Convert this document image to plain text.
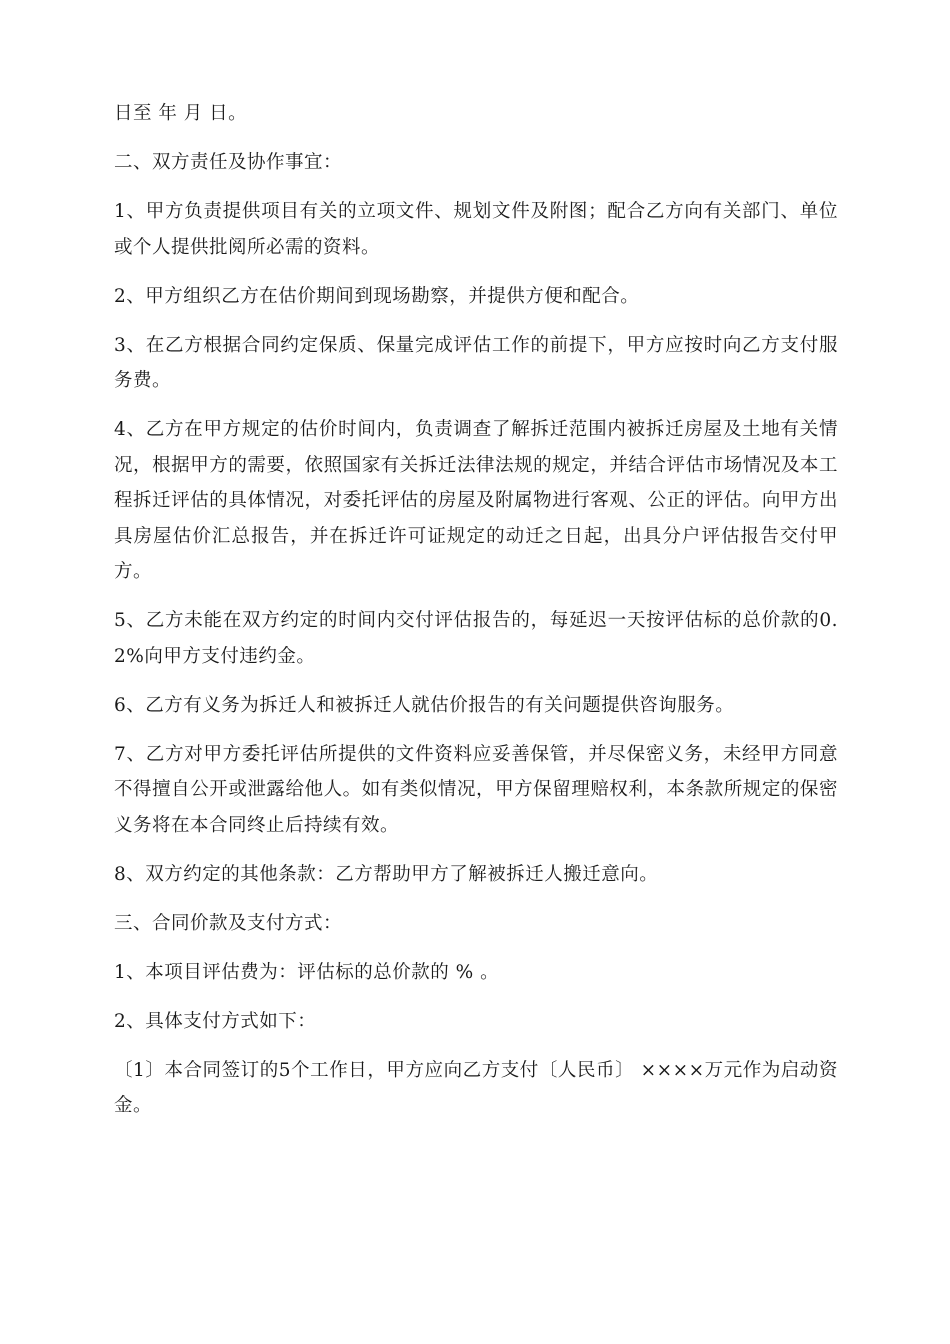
日至 年 月 日。

二、双方责任及协作事宜：

1、甲方负责提供项目有关的立项文件、规划文件及附图；配合乙方向有关部门、单位或个人提供批阅所必需的资料。

2、甲方组织乙方在估价期间到现场勘察，并提供方便和配合。

3、在乙方根据合同约定保质、保量完成评估工作的前提下，甲方应按时向乙方支付服务费。

4、乙方在甲方规定的估价时间内，负责调查了解拆迁范围内被拆迁房屋及土地有关情况，根据甲方的需要，依照国家有关拆迁法律法规的规定，并结合评估市场情况及本工程拆迁评估的具体情况，对委托评估的房屋及附属物进行客观、公正的评估。向甲方出具房屋估价汇总报告，并在拆迁许可证规定的动迁之日起，出具分户评估报告交付甲方。

5、乙方未能在双方约定的时间内交付评估报告的，每延迟一天按评估标的总价款的0.2%向甲方支付违约金。

6、乙方有义务为拆迁人和被拆迁人就估价报告的有关问题提供咨询服务。

7、乙方对甲方委托评估所提供的文件资料应妥善保管，并尽保密义务，未经甲方同意不得擅自公开或泄露给他人。如有类似情况，甲方保留理赔权利，本条款所规定的保密义务将在本合同终止后持续有效。

8、双方约定的其他条款：乙方帮助甲方了解被拆迁人搬迁意向。

三、合同价款及支付方式：

1、本项目评估费为：评估标的总价款的 % 。

2、具体支付方式如下：

〔1〕本合同签订的5个工作日，甲方应向乙方支付〔人民币〕 ××××万元作为启动资金。
